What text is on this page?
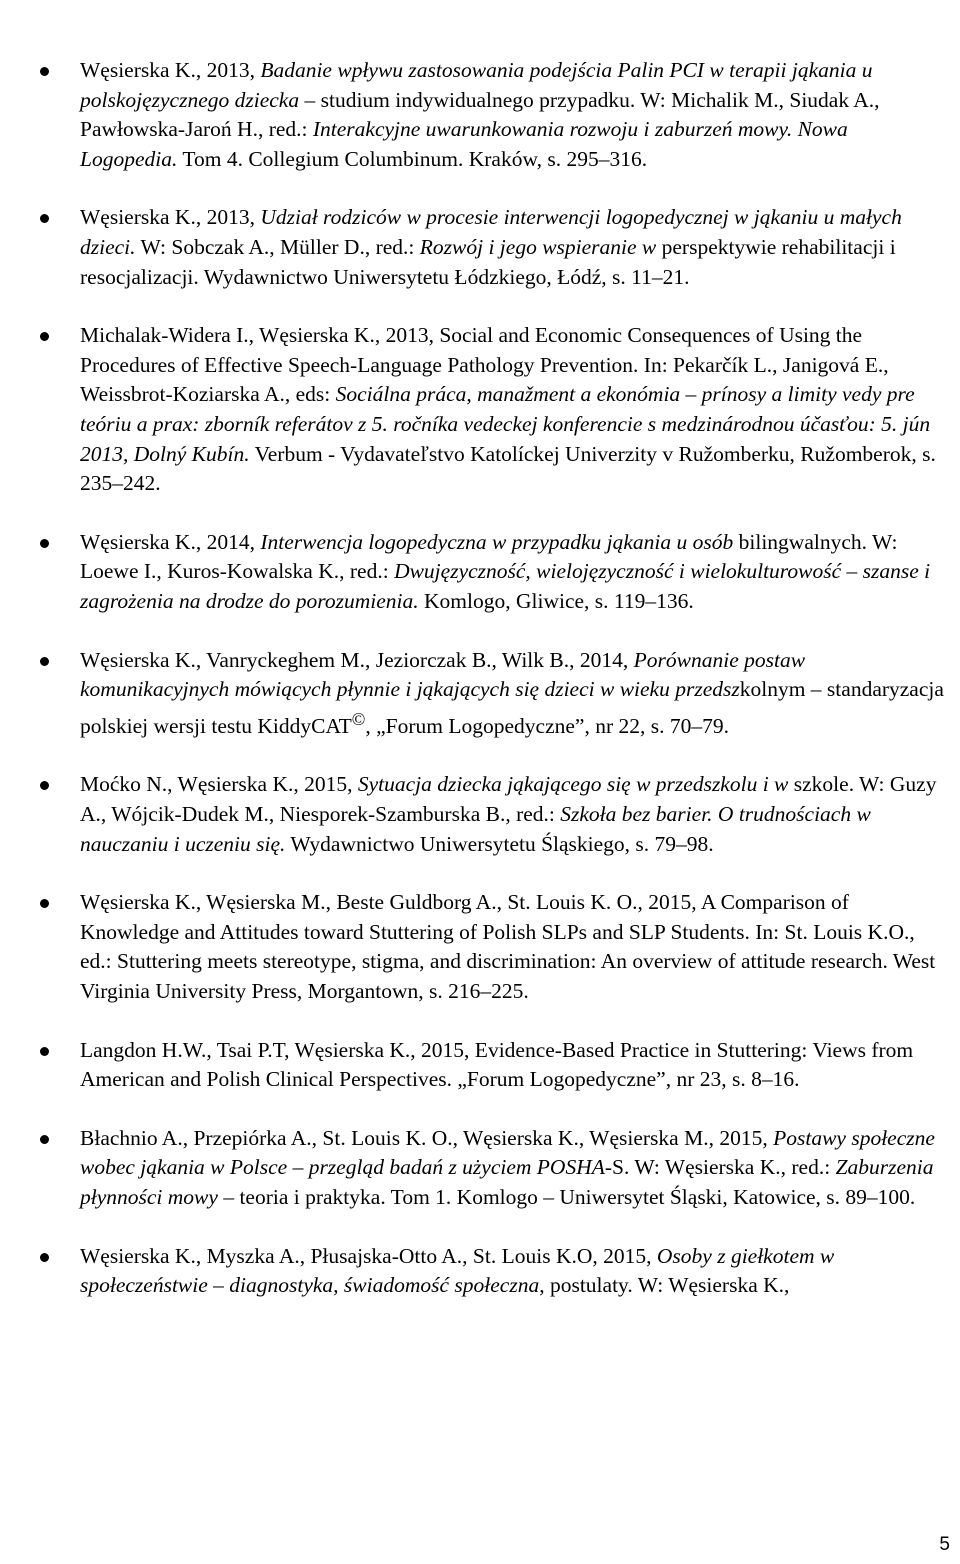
Węsierska K., 2013, Badanie wpływu zastosowania podejścia Palin PCI w terapii jąkania u polskojęzycznego dziecka – studium indywidualnego przypadku. W: Michalik M., Siudak A., Pawłowska-Jaroń H., red.: Interakcyjne uwarunkowania rozwoju i zaburzeń mowy. Nowa Logopedia. Tom 4. Collegium Columbinum. Kraków, s. 295–316.
Węsierska K., 2013, Udział rodziców w procesie interwencji logopedycznej w jąkaniu u małych dzieci. W: Sobczak A., Müller D., red.: Rozwój i jego wspieranie w perspektywie rehabilitacji i resocjalizacji. Wydawnictwo Uniwersytetu Łódzkiego, Łódź, s. 11–21.
Michalak-Widera I., Węsierska K., 2013, Social and Economic Consequences of Using the Procedures of Effective Speech-Language Pathology Prevention. In: Pekarčík L., Janigová E., Weissbrot-Koziarska A., eds: Sociálna práca, manažment a ekonómia – prínosy a limity vedy pre teóriu a prax: zborník referátov z 5. ročníka vedeckej konferencie s medzinárodnou účasťou: 5. jún 2013, Dolný Kubín. Verbum - Vydavateľstvo Katolíckej Univerzity v Ružomberku, Ružomberok, s. 235–242.
Węsierska K., 2014, Interwencja logopedyczna w przypadku jąkania u osób bilingwalnych. W: Loewe I., Kuros-Kowalska K., red.: Dwujęzyczność, wielojęzyczność i wielokulturowość – szanse i zagrożenia na drodze do porozumienia. Komlogo, Gliwice, s. 119–136.
Węsierska K., Vanryckeghem M., Jeziorczak B., Wilk B., 2014, Porównanie postaw komunikacyjnych mówiących płynnie i jąkających się dzieci w wieku przedszkolnym – standaryzacja polskiej wersji testu KiddyCAT©, „Forum Logopedyczne”, nr 22, s. 70–79.
Moćko N., Węsierska K., 2015, Sytuacja dziecka jąkającego się w przedszkolu i w szkole. W: Guzy A., Wójcik-Dudek M., Niesporek-Szamburska B., red.: Szkoła bez barier. O trudnościach w nauczaniu i uczeniu się. Wydawnictwo Uniwersytetu Śląskiego, s. 79–98.
Węsierska K., Węsierska M., Beste Guldborg A., St. Louis K. O., 2015, A Comparison of Knowledge and Attitudes toward Stuttering of Polish SLPs and SLP Students. In: St. Louis K.O., ed.: Stuttering meets stereotype, stigma, and discrimination: An overview of attitude research. West Virginia University Press, Morgantown, s. 216–225.
Langdon H.W., Tsai P.T, Węsierska K., 2015, Evidence-Based Practice in Stuttering: Views from American and Polish Clinical Perspectives. „Forum Logopedyczne”, nr 23, s. 8–16.
Błachnio A., Przepiórka A., St. Louis K. O., Węsierska K., Węsierska M., 2015, Postawy społeczne wobec jąkania w Polsce – przegląd badań z użyciem POSHA-S. W: Węsierska K., red.: Zaburzenia płynności mowy – teoria i praktyka. Tom 1. Komlogo – Uniwersytet Śląski, Katowice, s. 89–100.
Węsierska K., Myszka A., Płusajska-Otto A., St. Louis K.O, 2015, Osoby z giełkotem w społeczeństwie – diagnostyka, świadomość społeczna, postulaty. W: Węsierska K.,
5
